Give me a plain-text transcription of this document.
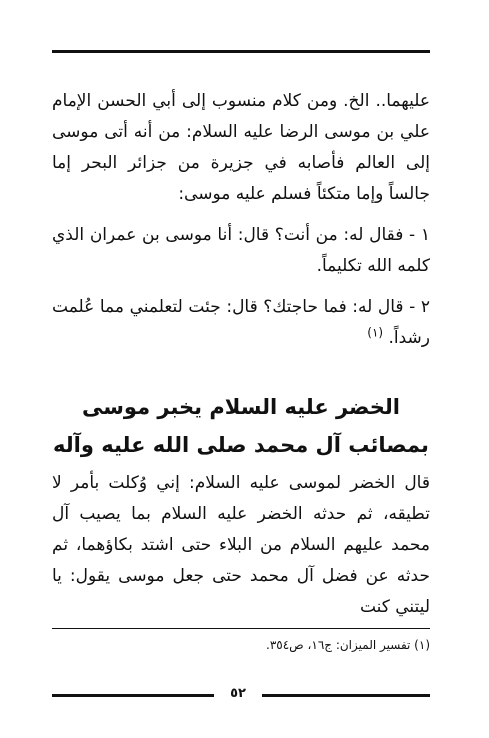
عليهما.. الخ. ومن كلام منسوب إلى أبي الحسن الإمام علي بن موسى الرضا عليه السلام: من أنه أتى موسى إلى العالم فأصابه في جزيرة من جزائر البحر إما جالساً وإما متكئاً فسلم عليه موسى:

١ - فقال له: من أنت؟ قال: أنا موسى بن عمران الذي كلمه الله تكليماً.

٢ - قال له: فما حاجتك؟ قال: جئت لتعلمني مما عُلمت رشداً. $^{(١)}$

الخضر عليه السلام يخبر موسى
بمصائب آل محمد صلى الله عليه وآله

قال الخضر لموسى عليه السلام: إني وُكلت بأمر لا تطيقه، ثم حدثه الخضر عليه السلام بما يصيب آل محمد عليهم السلام من البلاء حتى اشتد بكاؤهما، ثم حدثه عن فضل آل محمد حتى جعل موسى يقول: يا ليتني كنت

(١) تفسير الميزان: ج١٦، ص٣٥٤.
٥٢
